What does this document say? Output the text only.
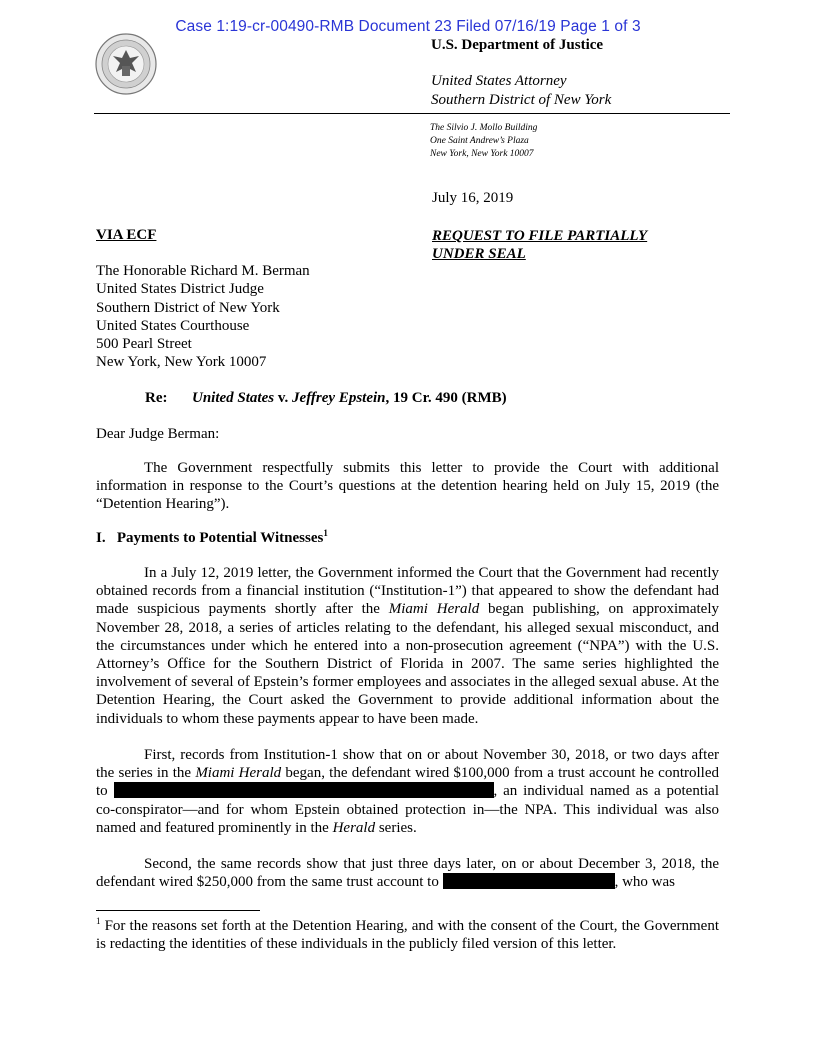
Case 1:19-cr-00490-RMB Document 23 Filed 07/16/19 Page 1 of 3
U.S. Department of Justice
United States Attorney
Southern District of New York
The Silvio J. Mollo Building
One Saint Andrew’s Plaza
New York, New York 10007
July 16, 2019
VIA ECF	REQUEST TO FILE PARTIALLY
UNDER SEAL
The Honorable Richard M. Berman
United States District Judge
Southern District of New York
United States Courthouse
500 Pearl Street
New York, New York 10007
Re: United States v. Jeffrey Epstein, 19 Cr. 490 (RMB)
Dear Judge Berman:
The Government respectfully submits this letter to provide the Court with additional information in response to the Court’s questions at the detention hearing held on July 15, 2019 (the “Detention Hearing”).
I.   Payments to Potential Witnesses$^1$
In a July 12, 2019 letter, the Government informed the Court that the Government had recently obtained records from a financial institution (“Institution-1”) that appeared to show the defendant had made suspicious payments shortly after the Miami Herald began publishing, on approximately November 28, 2018, a series of articles relating to the defendant, his alleged sexual misconduct, and the circumstances under which he entered into a non-prosecution agreement (“NPA”) with the U.S. Attorney’s Office for the Southern District of Florida in 2007. The same series highlighted the involvement of several of Epstein’s former employees and associates in the alleged sexual abuse. At the Detention Hearing, the Court asked the Government to provide additional information about the individuals to whom these payments appear to have been made.
First, records from Institution-1 show that on or about November 30, 2018, or two days after the series in the Miami Herald began, the defendant wired $100,000 from a trust account he controlled to	, an individual named as a potential co-conspirator—and for whom Epstein obtained protection in—the NPA. This individual was also named and featured prominently in the Herald series.
Second, the same records show that just three days later, on or about December 3, 2018, the defendant wired $250,000 from the same trust account to	, who was
$^1$ For the reasons set forth at the Detention Hearing, and with the consent of the Court, the Government is redacting the identities of these individuals in the publicly filed version of this letter.
